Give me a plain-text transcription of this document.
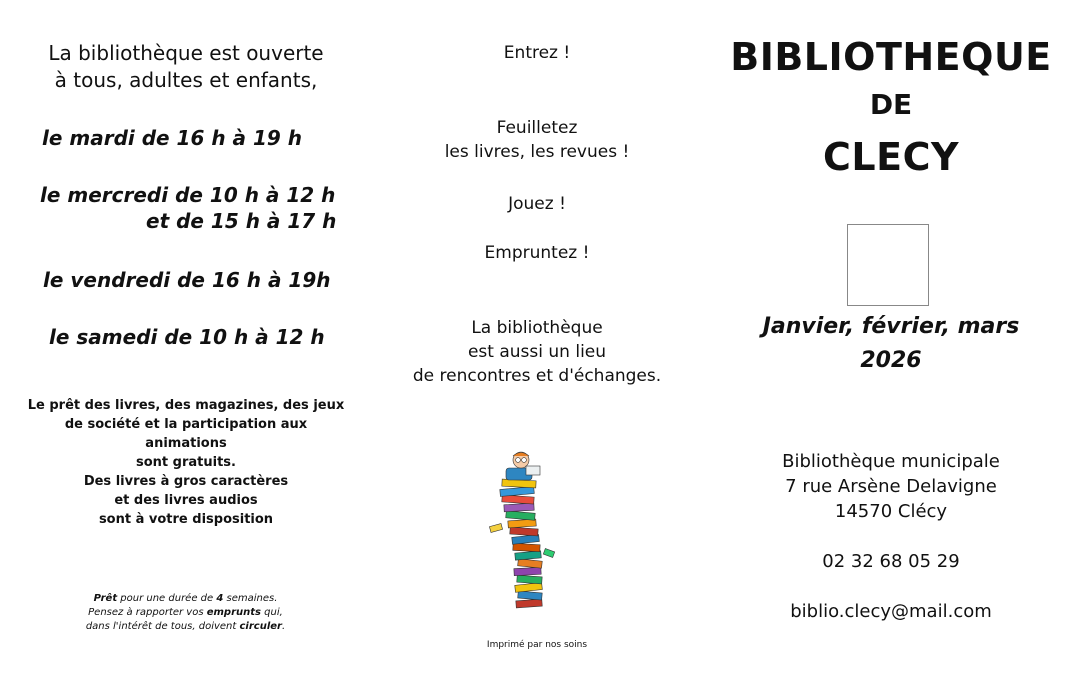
La bibliothèque est ouverte
à tous, adultes et enfants,
le mardi de 16 h à 19 h
le mercredi de 10 h à 12 h
et de 15 h à 17 h
le vendredi de 16 h à 19h
le samedi de 10 h à 12 h
Le prêt des livres, des magazines, des jeux
de société et la participation aux
animations
sont gratuits.
Des livres à gros caractères
et des livres audios
sont à votre disposition
Prêt pour une durée de 4 semaines.
Pensez à rapporter vos emprunts qui,
dans l'intérêt de tous, doivent circuler.
Entrez !
Feuilletez
les livres, les revues !
Jouez !
Empruntez !
La bibliothèque
est aussi un lieu
de rencontres et d'échanges.
Imprimé par nos soins
BIBLIOTHEQUE
DE
CLECY
Janvier, février, mars
2026
Bibliothèque municipale
7 rue Arsène Delavigne
14570 Clécy
02 32 68 05 29
biblio.clecy@mail.com
